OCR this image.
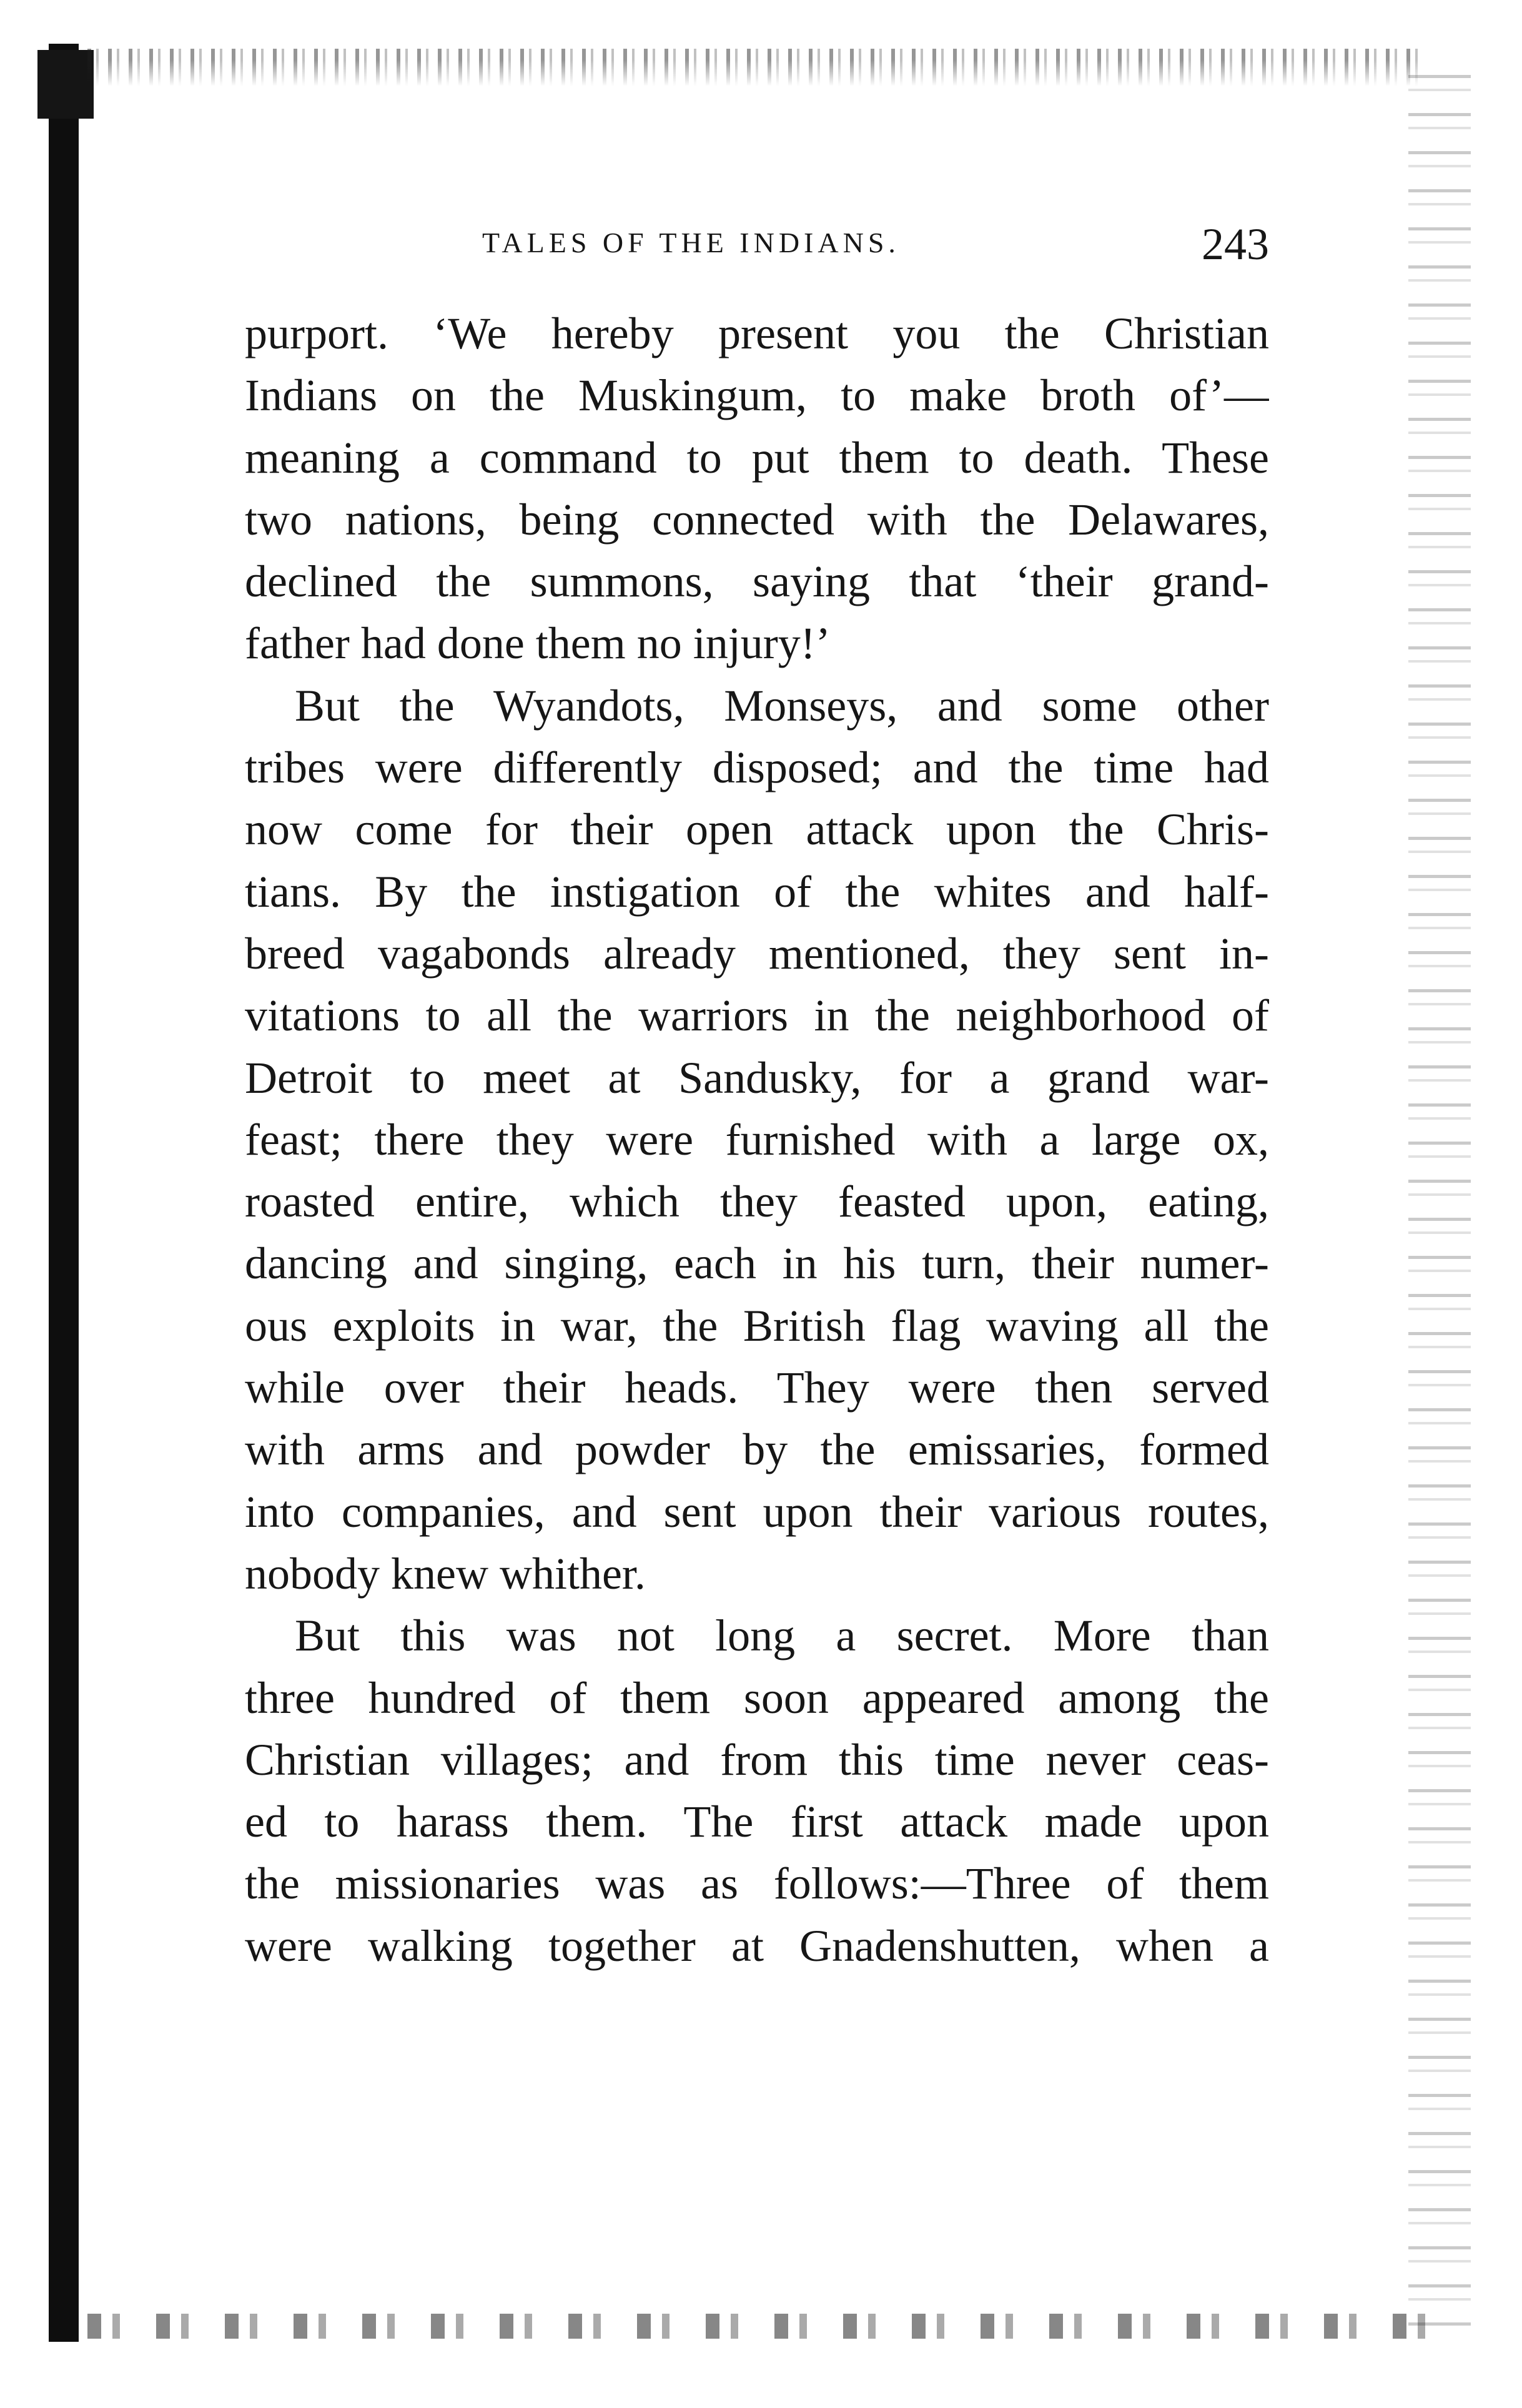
TALES OF THE INDIANS.	243
purport. ‘We hereby present you the Christian
Indians on the Muskingum, to make broth of’—
meaning a command to put them to death. These
two nations, being connected with the Delawares,
declined the summons, saying that ‘their grand-
father had done them no injury!’
But the Wyandots, Monseys, and some other
tribes were differently disposed; and the time had
now come for their open attack upon the Chris-
tians. By the instigation of the whites and half-
breed vagabonds already mentioned, they sent in-
vitations to all the warriors in the neighborhood of
Detroit to meet at Sandusky, for a grand war-
feast; there they were furnished with a large ox,
roasted entire, which they feasted upon, eating,
dancing and singing, each in his turn, their numer-
ous exploits in war, the British flag waving all the
while over their heads. They were then served
with arms and powder by the emissaries, formed
into companies, and sent upon their various routes,
nobody knew whither.
But this was not long a secret. More than
three hundred of them soon appeared among the
Christian villages; and from this time never ceas-
ed to harass them. The first attack made upon
the missionaries was as follows:—Three of them
were walking together at Gnadenshutten, when a
